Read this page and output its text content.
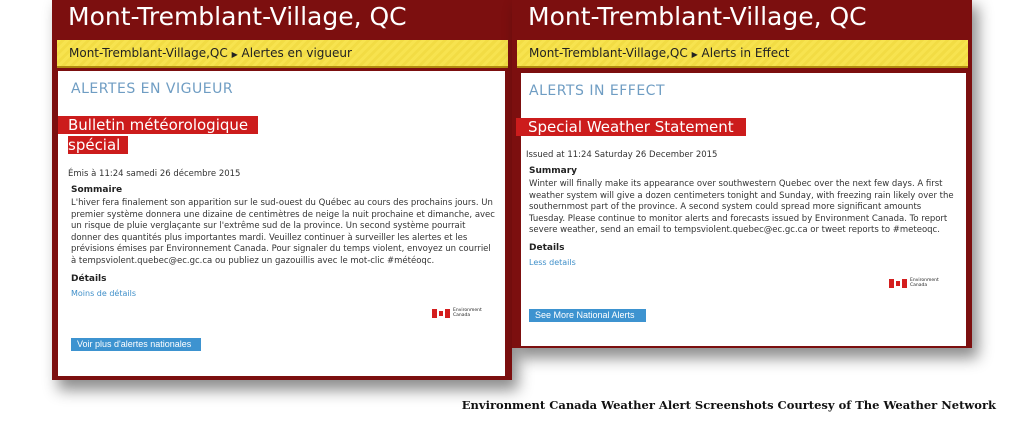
Mont-Tremblant-Village, QC
Mont-Tremblant-Village,QC ▶ Alertes en vigueur
ALERTES EN VIGUEUR
Bulletin météorologique
spécial
Émis à 11:24 samedi 26 décembre 2015
Sommaire
L'hiver fera finalement son apparition sur le sud-ouest du Québec au cours des prochains jours. Un premier système donnera une dizaine de centimètres de neige la nuit prochaine et dimanche, avec un risque de pluie verglaçante sur l'extrême sud de la province. Un second système pourrait donner des quantités plus importantes mardi. Veuillez continuer à surveiller les alertes et les prévisions émises par Environnement Canada. Pour signaler du temps violent, envoyez un courriel à tempsviolent.quebec@ec.gc.ca ou publiez un gazouillis avec le mot-clic #météoqc.
Détails
Moins de détails
Environment Canada
Voir plus d'alertes nationales
Mont-Tremblant-Village, QC
Mont-Tremblant-Village,QC ▶ Alerts in Effect
ALERTS IN EFFECT
Special Weather Statement
Issued at 11:24 Saturday 26 December 2015
Summary
Winter will finally make its appearance over southwestern Quebec over the next few days. A first weather system will give a dozen centimeters tonight and Sunday, with freezing rain likely over the southernmost part of the province. A second system could spread more significant amounts Tuesday. Please continue to monitor alerts and forecasts issued by Environment Canada. To report severe weather, send an email to tempsviolent.quebec@ec.gc.ca or tweet reports to #meteoqc.
Details
Less details
Environment Canada
See More National Alerts
Environment Canada Weather Alert Screenshots Courtesy of The Weather Network
